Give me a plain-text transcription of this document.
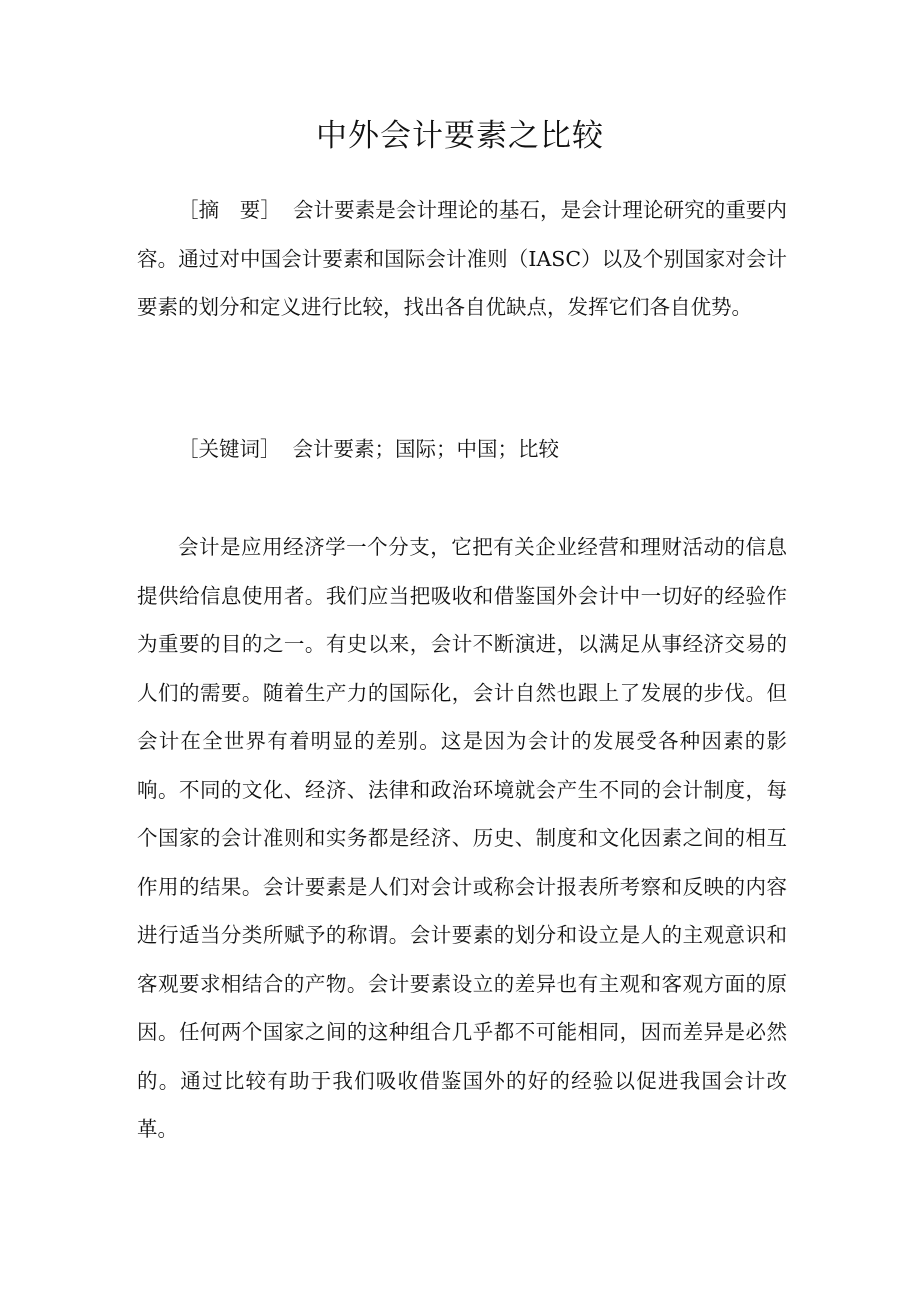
中外会计要素之比较

［摘　要］ 会计要素是会计理论的基石，是会计理论研究的重要内容。通过对中国会计要素和国际会计准则（IASC）以及个别国家对会计要素的划分和定义进行比较，找出各自优缺点，发挥它们各自优势。

［关键词］ 会计要素；国际；中国；比较

会计是应用经济学一个分支，它把有关企业经营和理财活动的信息提供给信息使用者。我们应当把吸收和借鉴国外会计中一切好的经验作为重要的目的之一。有史以来，会计不断演进，以满足从事经济交易的人们的需要。随着生产力的国际化，会计自然也跟上了发展的步伐。但会计在全世界有着明显的差别。这是因为会计的发展受各种因素的影响。不同的文化、经济、法律和政治环境就会产生不同的会计制度，每个国家的会计准则和实务都是经济、历史、制度和文化因素之间的相互作用的结果。会计要素是人们对会计或称会计报表所考察和反映的内容进行适当分类所赋予的称谓。会计要素的划分和设立是人的主观意识和客观要求相结合的产物。会计要素设立的差异也有主观和客观方面的原因。任何两个国家之间的这种组合几乎都不可能相同，因而差异是必然的。通过比较有助于我们吸收借鉴国外的好的经验以促进我国会计改革。
